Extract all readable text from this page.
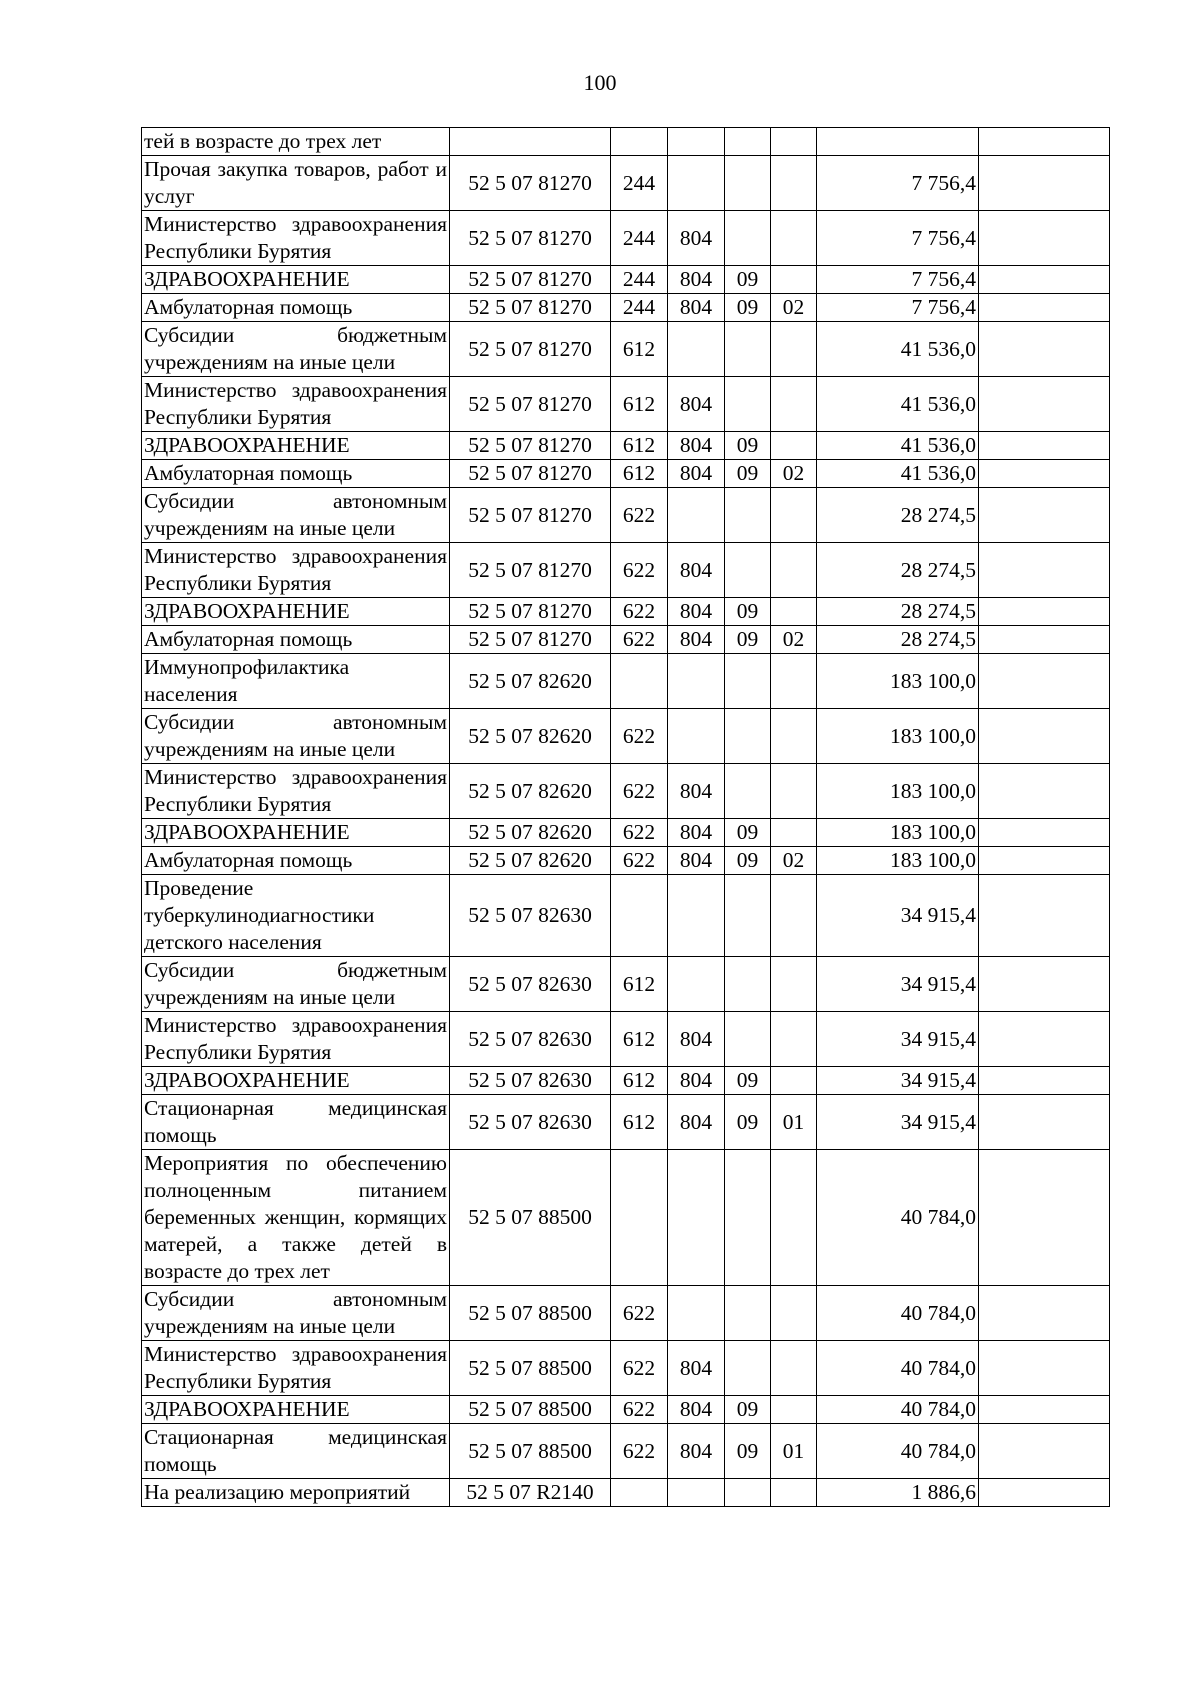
100
тей в возрасте до трех лет							
Прочая закупка товаров, работ и услуг	52 5 07 81270	244				7 756,4	
Министерство здравоохранения Республики Бурятия	52 5 07 81270	244	804			7 756,4	
ЗДРАВООХРАНЕНИЕ	52 5 07 81270	244	804	09		7 756,4	
Амбулаторная помощь	52 5 07 81270	244	804	09	02	7 756,4	
Субсидии бюджетным учреждениям на иные цели	52 5 07 81270	612				41 536,0	
Министерство здравоохранения Республики Бурятия	52 5 07 81270	612	804			41 536,0	
ЗДРАВООХРАНЕНИЕ	52 5 07 81270	612	804	09		41 536,0	
Амбулаторная помощь	52 5 07 81270	612	804	09	02	41 536,0	
Субсидии автономным учреждениям на иные цели	52 5 07 81270	622				28 274,5	
Министерство здравоохранения Республики Бурятия	52 5 07 81270	622	804			28 274,5	
ЗДРАВООХРАНЕНИЕ	52 5 07 81270	622	804	09		28 274,5	
Амбулаторная помощь	52 5 07 81270	622	804	09	02	28 274,5	
Иммунопрофилактика населения	52 5 07 82620					183 100,0	
Субсидии автономным учреждениям на иные цели	52 5 07 82620	622				183 100,0	
Министерство здравоохранения Республики Бурятия	52 5 07 82620	622	804			183 100,0	
ЗДРАВООХРАНЕНИЕ	52 5 07 82620	622	804	09		183 100,0	
Амбулаторная помощь	52 5 07 82620	622	804	09	02	183 100,0	
Проведение туберкулинодиагностики детского населения	52 5 07 82630					34 915,4	
Субсидии бюджетным учреждениям на иные цели	52 5 07 82630	612				34 915,4	
Министерство здравоохранения Республики Бурятия	52 5 07 82630	612	804			34 915,4	
ЗДРАВООХРАНЕНИЕ	52 5 07 82630	612	804	09		34 915,4	
Стационарная медицинская помощь	52 5 07 82630	612	804	09	01	34 915,4	
Мероприятия по обеспечению полноценным питанием беременных женщин, кормящих матерей, а также детей в возрасте до трех лет	52 5 07 88500					40 784,0	
Субсидии автономным учреждениям на иные цели	52 5 07 88500	622				40 784,0	
Министерство здравоохранения Республики Бурятия	52 5 07 88500	622	804			40 784,0	
ЗДРАВООХРАНЕНИЕ	52 5 07 88500	622	804	09		40 784,0	
Стационарная медицинская помощь	52 5 07 88500	622	804	09	01	40 784,0	
На реализацию мероприятий	52 5 07 R2140					1 886,6	
